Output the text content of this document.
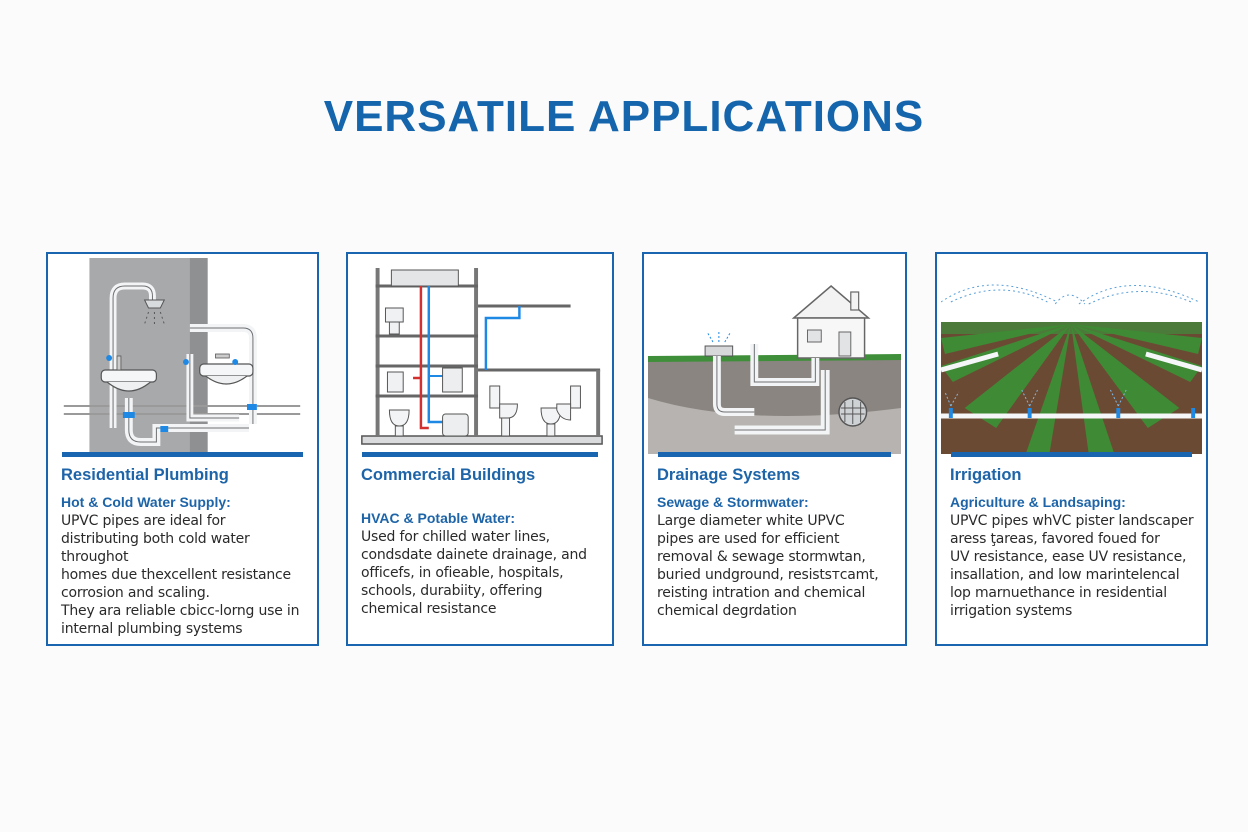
VERSATILE APPLICATIONS
Residential Plumbing
Hot & Cold Water Supply:
UPVC pipes are ideal for
distributing both cold water throughot
homes due thexcellent resistance
corrosion and scaling.
They ara reliable cbicс-lorng use in
internal plumbing systems
Commercial Buildings
HVAC & Potable Water:
Used for chilled water lines,
condsdate dainete drainage, and
officefs, in ofieable, hospitals,
schools, durabiity, offering
chemical resistance
Drainage Systems
Sewage & Stormwater:
Large diameter white UPVC
pipes are used for efficient
removal & sewage stormwtan,
buried undground, resistsтcamt,
reisting intration and chemical
chemical degrdation
Irrigation
Agriculture & Landsaping:
UPVC pipes whVC pister landscaper
aress ţareas, favored foued for
UV resistance, ease UV resistance,
insallation, and low marintelencal
lop marnuethance in residential
irrigation systems
